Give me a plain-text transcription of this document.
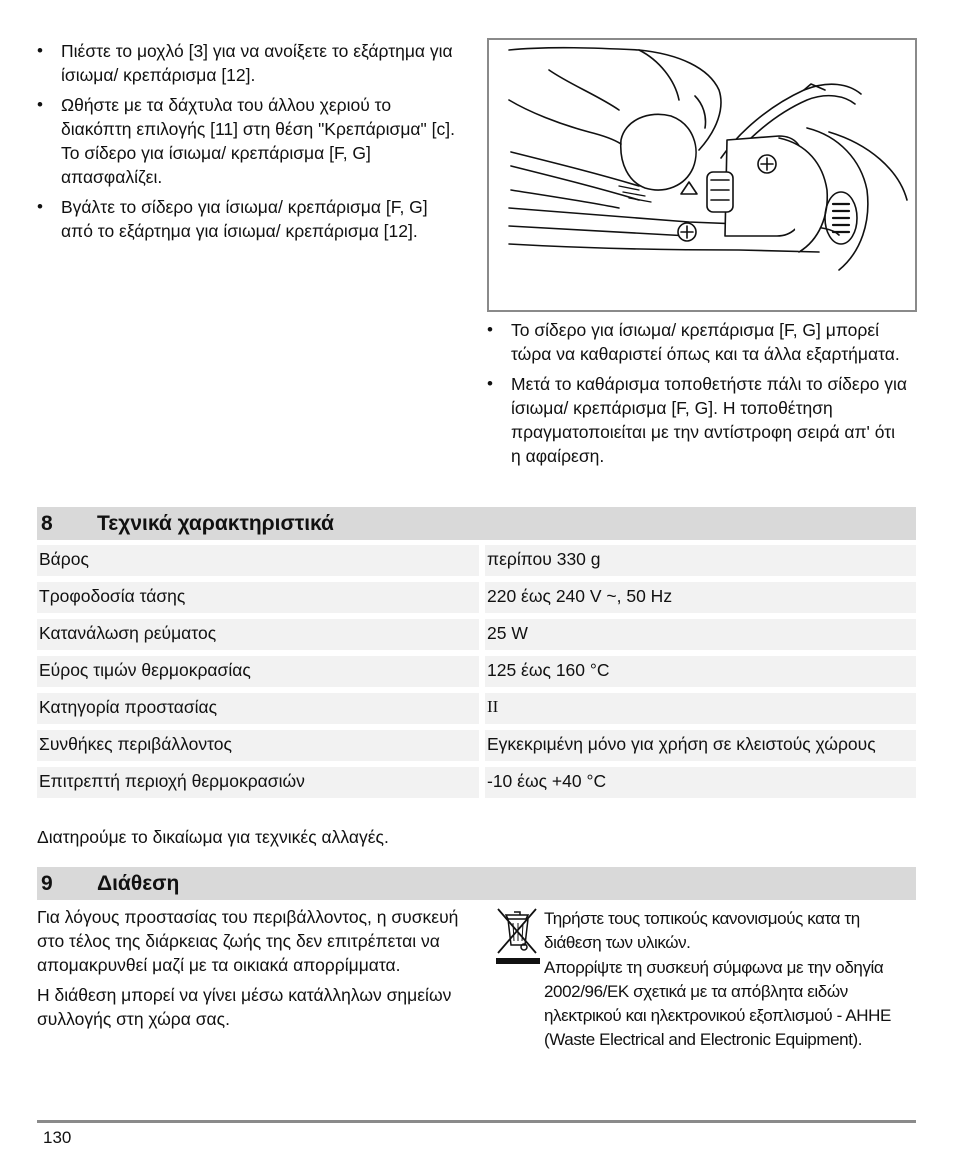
• Πιέστε το μοχλό [3] για να ανοίξετε το εξάρτημα για ίσιωμα/ κρεπάρισμα [12].
• Ωθήστε με τα δάχτυλα του άλλου χεριού το διακόπτη επιλογής [11] στη θέση "Κρεπάρισμα" [c]. Το σίδερο για ίσιωμα/ κρεπάρισμα [F, G] απασφαλίζει.
• Βγάλτε το σίδερο για ίσιωμα/ κρεπάρισμα [F, G] από το εξάρτημα για ίσιωμα/ κρεπάρισμα [12].
• Το σίδερο για ίσιωμα/ κρεπάρισμα [F, G] μπορεί τώρα να καθαριστεί όπως και τα άλλα εξαρτήματα.
• Μετά το καθάρισμα τοποθετήστε πάλι το σίδερο για ίσιωμα/ κρεπάρισμα [F, G]. Η τοποθέτηση πραγματοποιείται με την αντίστροφη σειρά απ' ότι η αφαίρεση.
8 Τεχνικά χαρακτηριστικά
Βάρος	περίπου 330 g
Τροφοδοσία τάσης	220 έως 240 V ~, 50 Hz
Κατανάλωση ρεύματος	25 W
Εύρος τιμών θερμοκρασίας	125 έως 160 °C
Κατηγορία προστασίας	II
Συνθήκες περιβάλλοντος	Εγκεκριμένη μόνο για χρήση σε κλειστούς χώρους
Επιτρεπτή περιοχή θερμοκρασιών	-10 έως +40 °C
Διατηρούμε το δικαίωμα για τεχνικές αλλαγές.
9 Διάθεση

Για λόγους προστασίας του περιβάλλοντος, η συσκευή στο τέλος της διάρκειας ζωής της δεν επιτρέπεται να απομακρυνθεί μαζί με τα οικιακά απορρίμματα.

Η διάθεση μπορεί να γίνει μέσω κατάλληλων σημείων συλλογής στη χώρα σας.

Τηρήστε τους τοπικούς κανονισμούς κατα τη διάθεση των υλικών.

Απορρίψτε τη συσκευή σύμφωνα με την οδηγία 2002/96/ΕΚ σχετικά με τα απόβλητα ειδών ηλεκτρικού και ηλεκτρονικού εξοπλισμού - ΑΗΗΕ (Waste Electrical and Electronic Equipment).

130
